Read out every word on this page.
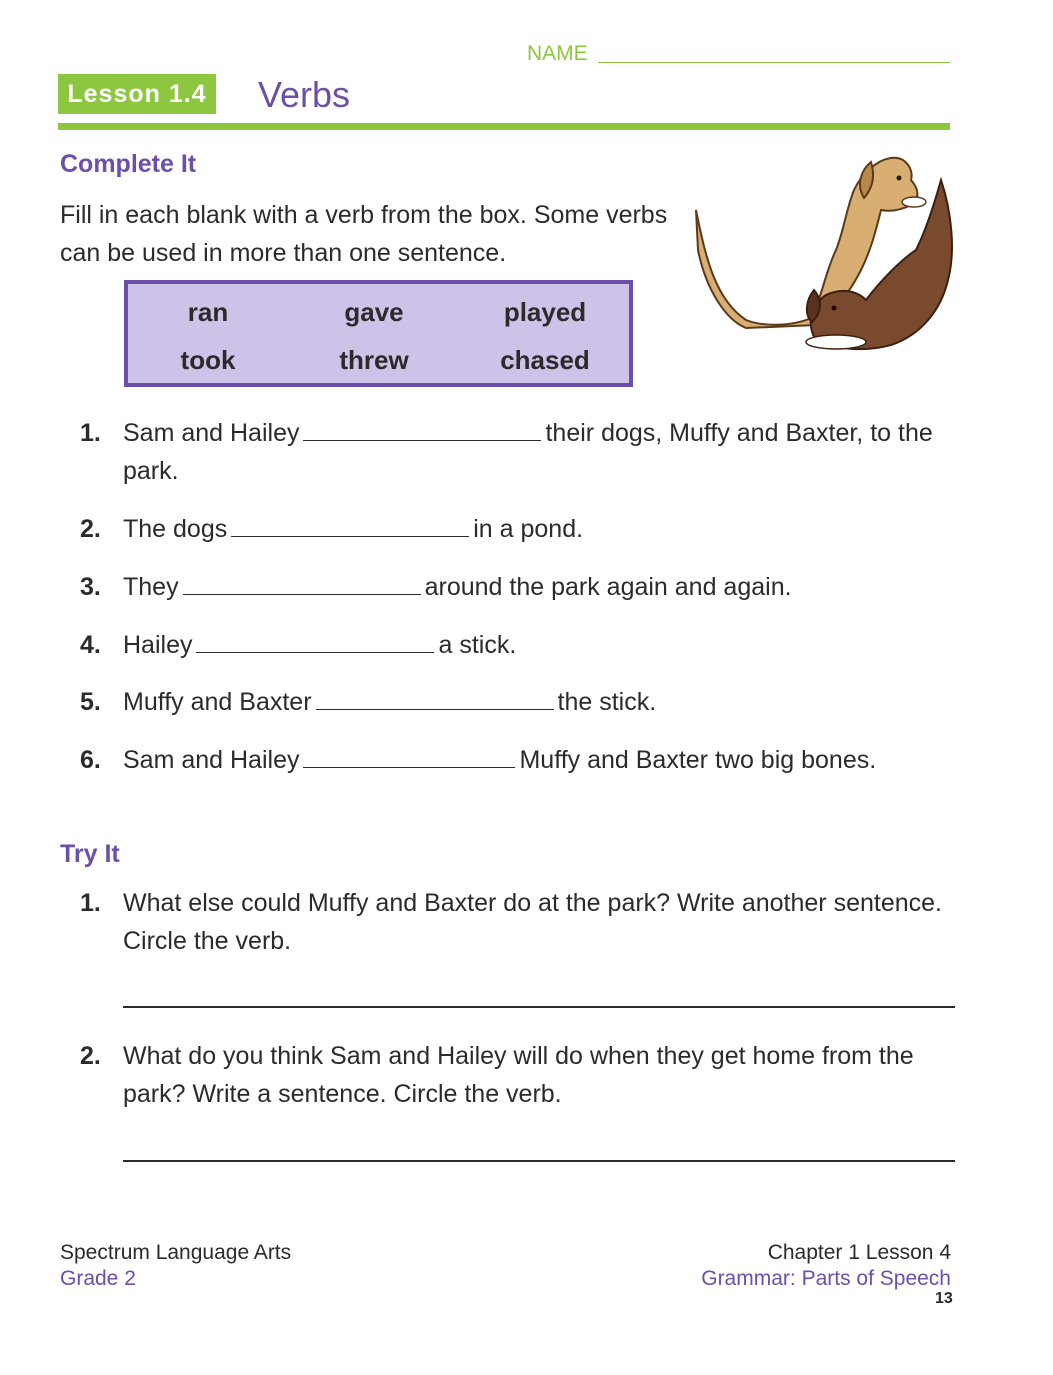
NAME
Lesson 1.4 Verbs
Complete It
Fill in each blank with a verb from the box. Some verbs can be used in more than one sentence.
ran	gave	played
took	threw	chased
1. Sam and Hailey	their dogs, Muffy and Baxter, to the park.
2. The dogs	in a pond.
3. They	around the park again and again.
4. Hailey	a stick.
5. Muffy and Baxter	the stick.
6. Sam and Hailey	Muffy and Baxter two big bones.
Try It
1. What else could Muffy and Baxter do at the park? Write another sentence. Circle the verb.
2. What do you think Sam and Hailey will do when they get home from the park? Write a sentence. Circle the verb.
Spectrum Language Arts
Grade 2
Chapter 1 Lesson 4
Grammar: Parts of Speech
13
